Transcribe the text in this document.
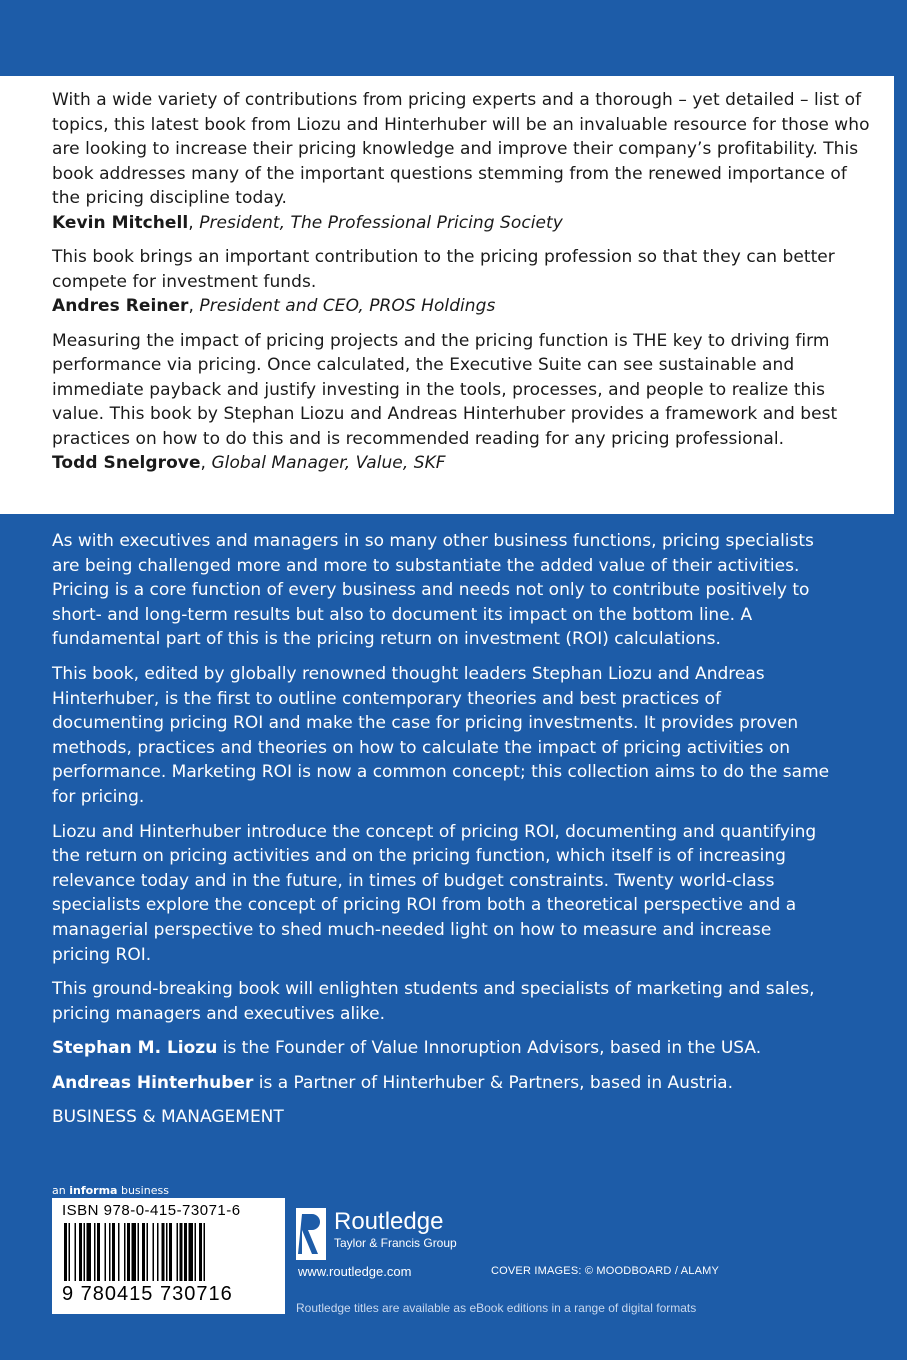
With a wide variety of contributions from pricing experts and a thorough – yet detailed – list of topics, this latest book from Liozu and Hinterhuber will be an invaluable resource for those who are looking to increase their pricing knowledge and improve their company’s profitability. This book addresses many of the important questions stemming from the renewed importance of the pricing discipline today.

Kevin Mitchell, President, The Professional Pricing Society

This book brings an important contribution to the pricing profession so that they can better compete for investment funds.

Andres Reiner, President and CEO, PROS Holdings

Measuring the impact of pricing projects and the pricing function is THE key to driving firm performance via pricing. Once calculated, the Executive Suite can see sustainable and immediate payback and justify investing in the tools, processes, and people to realize this value. This book by Stephan Liozu and Andreas Hinterhuber provides a framework and best practices on how to do this and is recommended reading for any pricing professional.

Todd Snelgrove, Global Manager, Value, SKF

As with executives and managers in so many other business functions, pricing specialists are being challenged more and more to substantiate the added value of their activities. Pricing is a core function of every business and needs not only to contribute positively to short- and long-term results but also to document its impact on the bottom line. A fundamental part of this is the pricing return on investment (ROI) calculations.

This book, edited by globally renowned thought leaders Stephan Liozu and Andreas Hinterhuber, is the first to outline contemporary theories and best practices of documenting pricing ROI and make the case for pricing investments. It provides proven methods, practices and theories on how to calculate the impact of pricing activities on performance. Marketing ROI is now a common concept; this collection aims to do the same for pricing.

Liozu and Hinterhuber introduce the concept of pricing ROI, documenting and quantifying the return on pricing activities and on the pricing function, which itself is of increasing relevance today and in the future, in times of budget constraints. Twenty world-class specialists explore the concept of pricing ROI from both a theoretical perspective and a managerial perspective to shed much-needed light on how to measure and increase pricing ROI.

This ground-breaking book will enlighten students and specialists of marketing and sales, pricing managers and executives alike.

Stephan M. Liozu is the Founder of Value Innoruption Advisors, based in the USA.

Andreas Hinterhuber is a Partner of Hinterhuber & Partners, based in Austria.

BUSINESS & MANAGEMENT

an informa business
ISBN 978-0-415-73071-6
9 780415 730716
Routledge
Taylor & Francis Group
www.routledge.com	COVER IMAGES: © MOODBOARD / ALAMY
Routledge titles are available as eBook editions in a range of digital formats
